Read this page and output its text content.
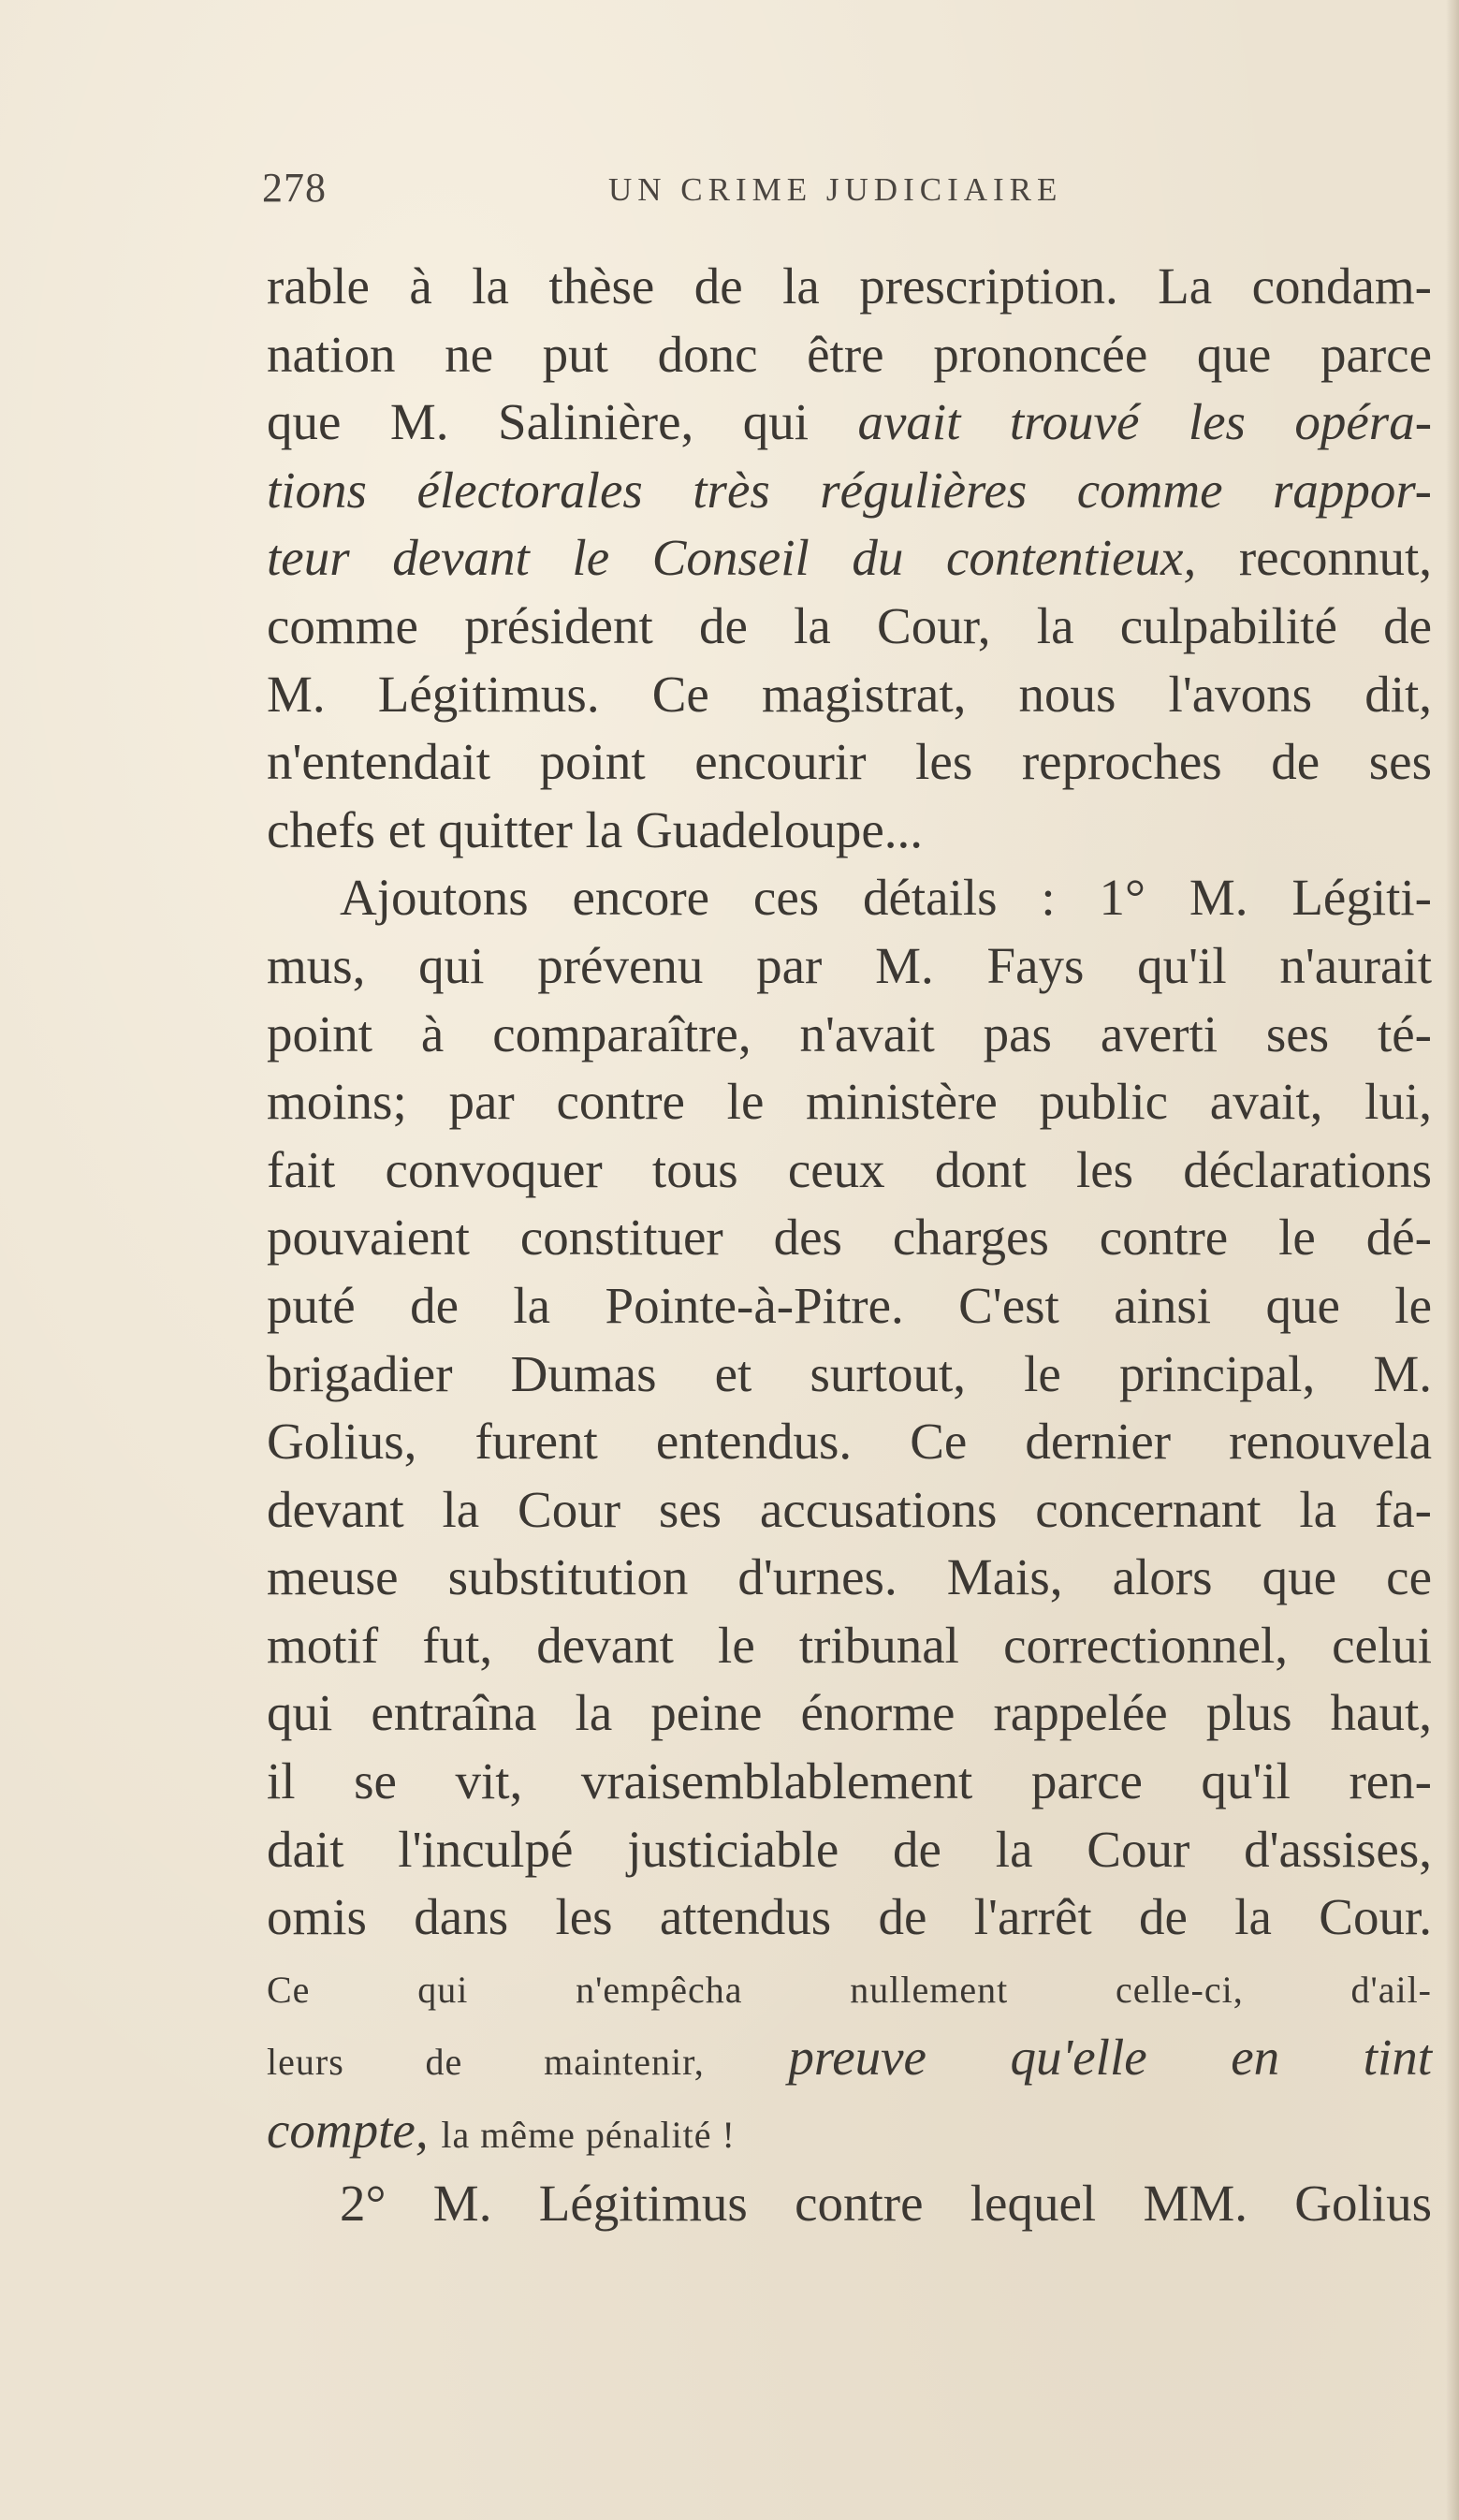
278	UN CRIME JUDICIAIRE
rable à la thèse de la prescription. La condam-
nation ne put donc être prononcée que parce
que M. Salinière, qui avait trouvé les opéra-
tions électorales très régulières comme rappor-
teur devant le Conseil du contentieux, reconnut,
comme président de la Cour, la culpabilité de
M. Légitimus. Ce magistrat, nous l'avons dit,
n'entendait point encourir les reproches de ses
chefs et quitter la Guadeloupe...
Ajoutons encore ces détails : 1° M. Légiti-
mus, qui prévenu par M. Fays qu'il n'aurait
point à comparaître, n'avait pas averti ses té-
moins; par contre le ministère public avait, lui,
fait convoquer tous ceux dont les déclarations
pouvaient constituer des charges contre le dé-
puté de la Pointe-à-Pitre. C'est ainsi que le
brigadier Dumas et surtout, le principal, M.
Golius, furent entendus. Ce dernier renouvela
devant la Cour ses accusations concernant la fa-
meuse substitution d'urnes. Mais, alors que ce
motif fut, devant le tribunal correctionnel, celui
qui entraîna la peine énorme rappelée plus haut,
il se vit, vraisemblablement parce qu'il ren-
dait l'inculpé justiciable de la Cour d'assises,
omis dans les attendus de l'arrêt de la Cour.
Ce qui n'empêcha nullement celle-ci, d'ail-
leurs de maintenir, preuve qu'elle en tint
compte, la même pénalité !
2° M. Légitimus contre lequel MM. Golius
